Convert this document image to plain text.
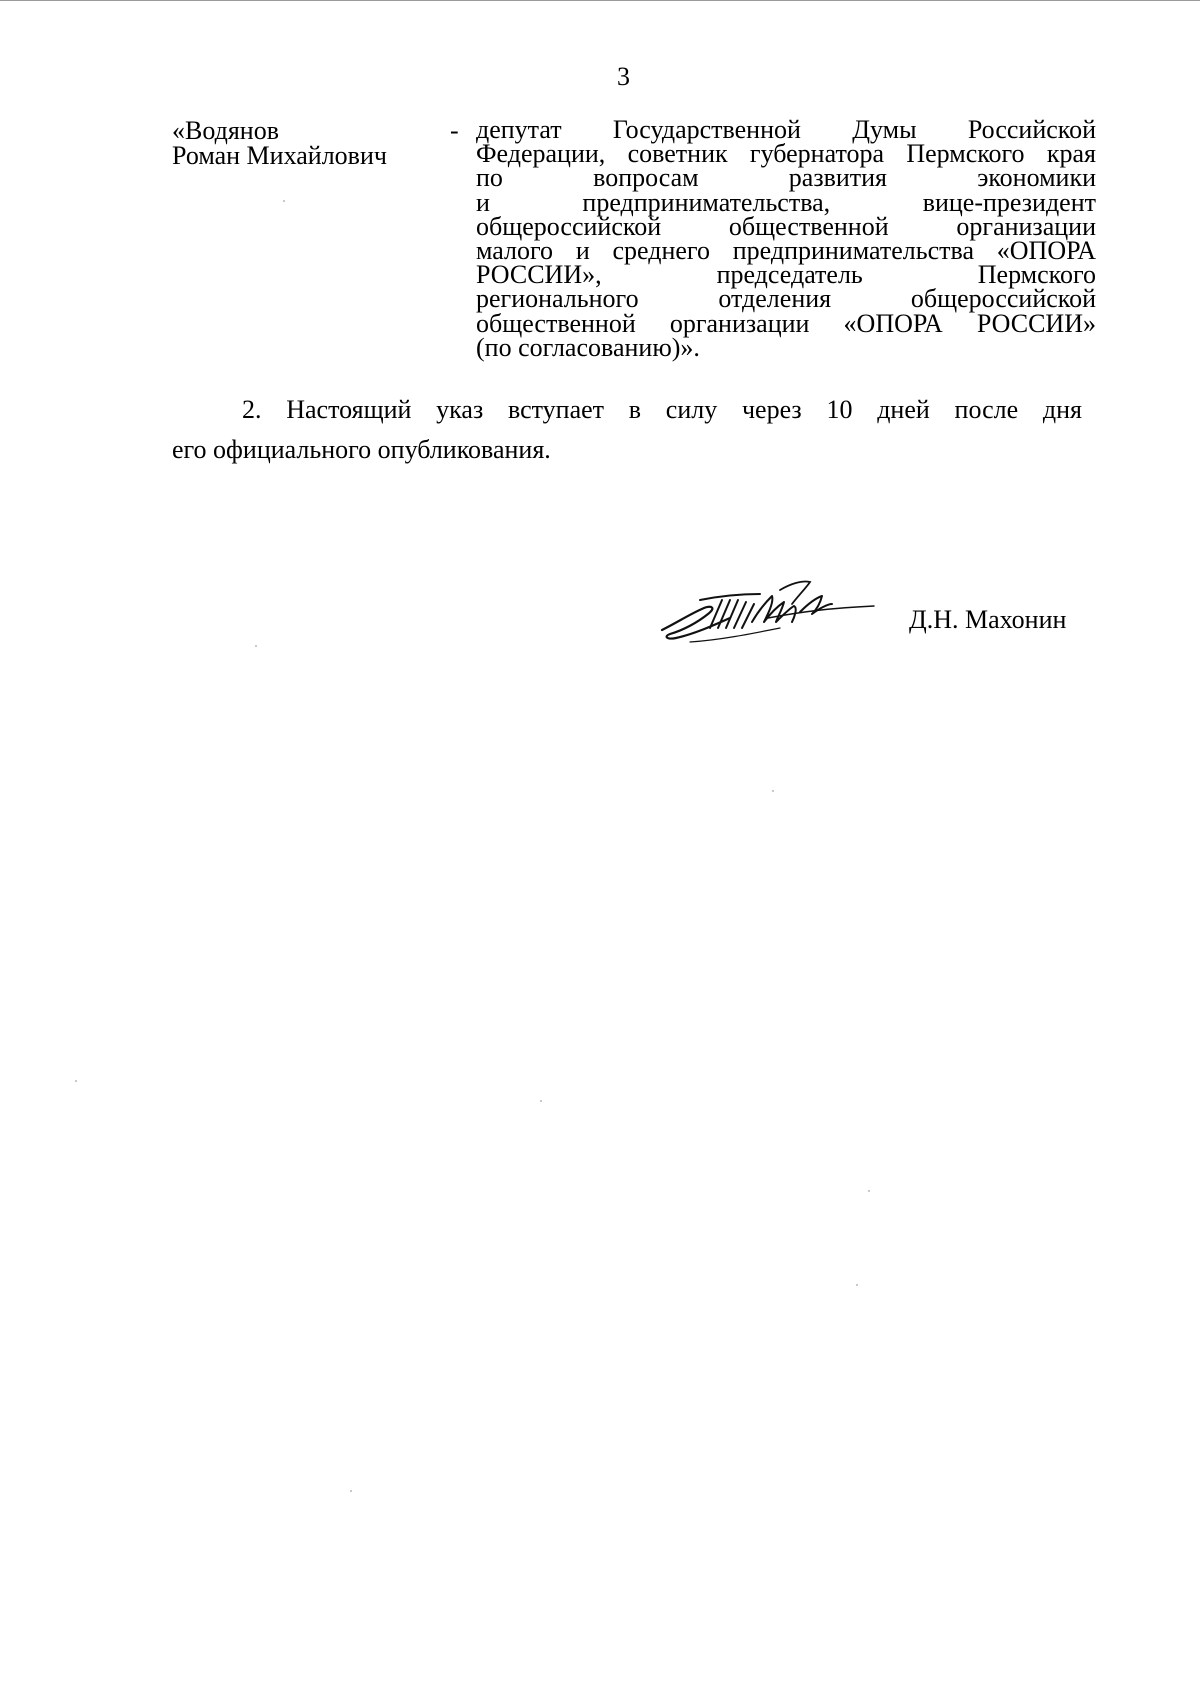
3
«Водянов
Роман Михайлович
- депутат Государственной Думы Российской
Федерации, советник губернатора Пермского края
по вопросам развития экономики
и предпринимательства, вице-президент
общероссийской общественной организации
малого и среднего предпринимательства «ОПОРА
РОССИИ», председатель Пермского
регионального отделения общероссийской
общественной организации «ОПОРА РОССИИ»
(по согласованию)».
2. Настоящий указ вступает в силу через 10 дней после дня
его официального опубликования.
Д.Н. Махонин
